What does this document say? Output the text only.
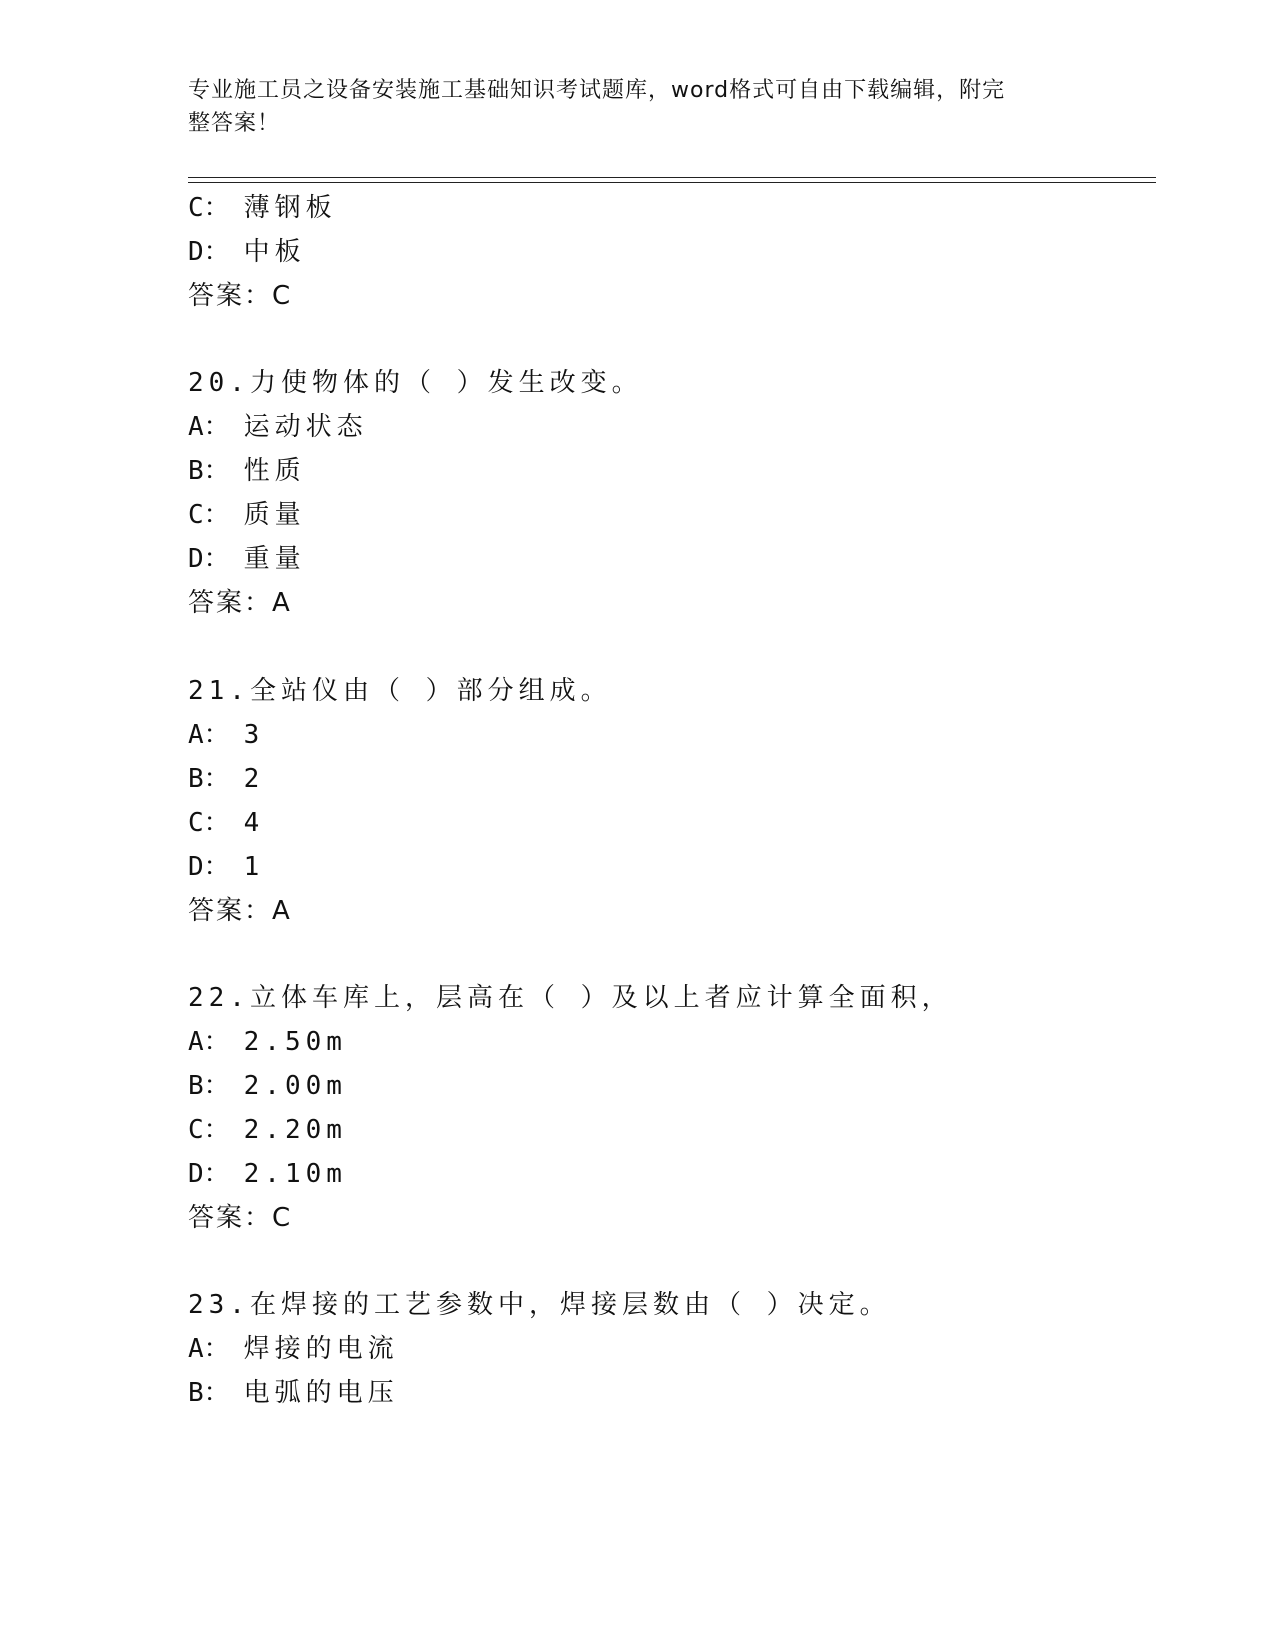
专业施工员之设备安装施工基础知识考试题库，word格式可自由下载编辑，附完
整答案！
C： 薄钢板
D： 中板
答案：C
20.力使物体的（ ）发生改变。
A： 运动状态
B： 性质
C： 质量
D： 重量
答案：A
21.全站仪由（ ）部分组成。
A： 3
B： 2
C： 4
D： 1
答案：A
22.立体车库上，层高在（ ）及以上者应计算全面积，
A： 2.50m
B： 2.00m
C： 2.20m
D： 2.10m
答案：C
23.在焊接的工艺参数中，焊接层数由（ ）决定。
A： 焊接的电流
B： 电弧的电压
